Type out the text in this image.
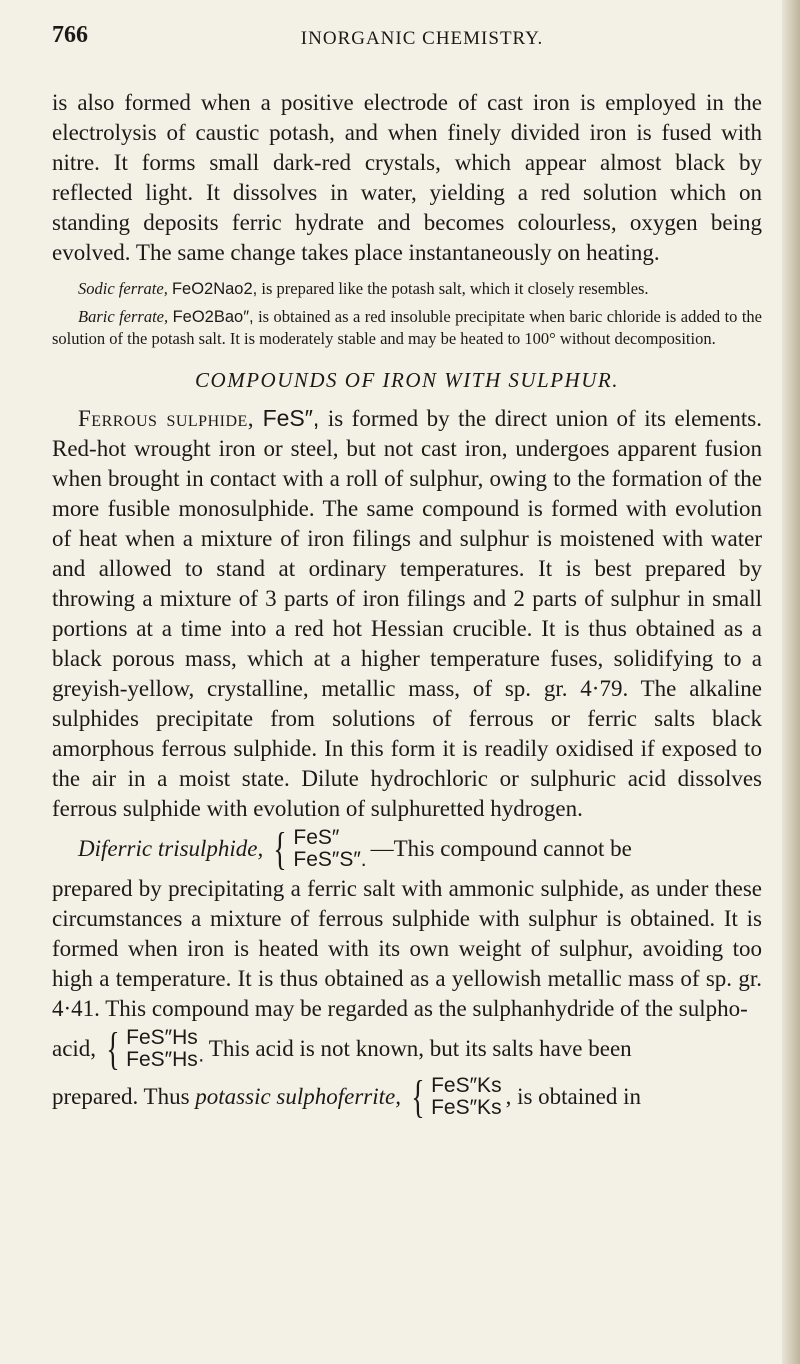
766	INORGANIC CHEMISTRY.

is also formed when a positive electrode of cast iron is employed in the electrolysis of caustic potash, and when finely divided iron is fused with nitre. It forms small dark-red crystals, which appear almost black by reflected light. It dissolves in water, yielding a red solution which on standing deposits ferric hydrate and becomes colourless, oxygen being evolved. The same change takes place instantaneously on heating.

Sodic ferrate, FeO2Nao2, is prepared like the potash salt, which it closely resembles.

Baric ferrate, FeO2Bao″, is obtained as a red insoluble precipitate when baric chloride is added to the solution of the potash salt. It is moderately stable and may be heated to 100° without decomposition.

COMPOUNDS OF IRON WITH SULPHUR.

Ferrous sulphide, FeS″, is formed by the direct union of its elements. Red-hot wrought iron or steel, but not cast iron, undergoes apparent fusion when brought in contact with a roll of sulphur, owing to the formation of the more fusible monosulphide. The same compound is formed with evolution of heat when a mixture of iron filings and sulphur is moistened with water and allowed to stand at ordinary temperatures. It is best prepared by throwing a mixture of 3 parts of iron filings and 2 parts of sulphur in small portions at a time into a red hot Hessian crucible. It is thus obtained as a black porous mass, which at a higher temperature fuses, solidifying to a greyish-yellow, crystalline, metallic mass, of sp. gr. 4·79. The alkaline sulphides precipitate from solutions of ferrous or ferric salts black amorphous ferrous sulphide. In this form it is readily oxidised if exposed to the air in a moist state. Dilute hydrochloric or sulphuric acid dissolves ferrous sulphide with evolution of sulphuretted hydrogen.

Diferric trisulphide, { FeS″
FeS″S″. —This compound cannot be

prepared by precipitating a ferric salt with ammonic sulphide, as under these circumstances a mixture of ferrous sulphide with sulphur is obtained. It is formed when iron is heated with its own weight of sulphur, avoiding too high a temperature. It is thus obtained as a yellowish metallic mass of sp. gr. 4·41. This compound may be regarded as the sulphanhydride of the sulpho-

acid, { FeS″Hs
FeS″Hs· This acid is not known, but its salts have been
prepared. Thus
potassic sulphoferrite, { FeS″Ks
FeS″Ks , is obtained in
